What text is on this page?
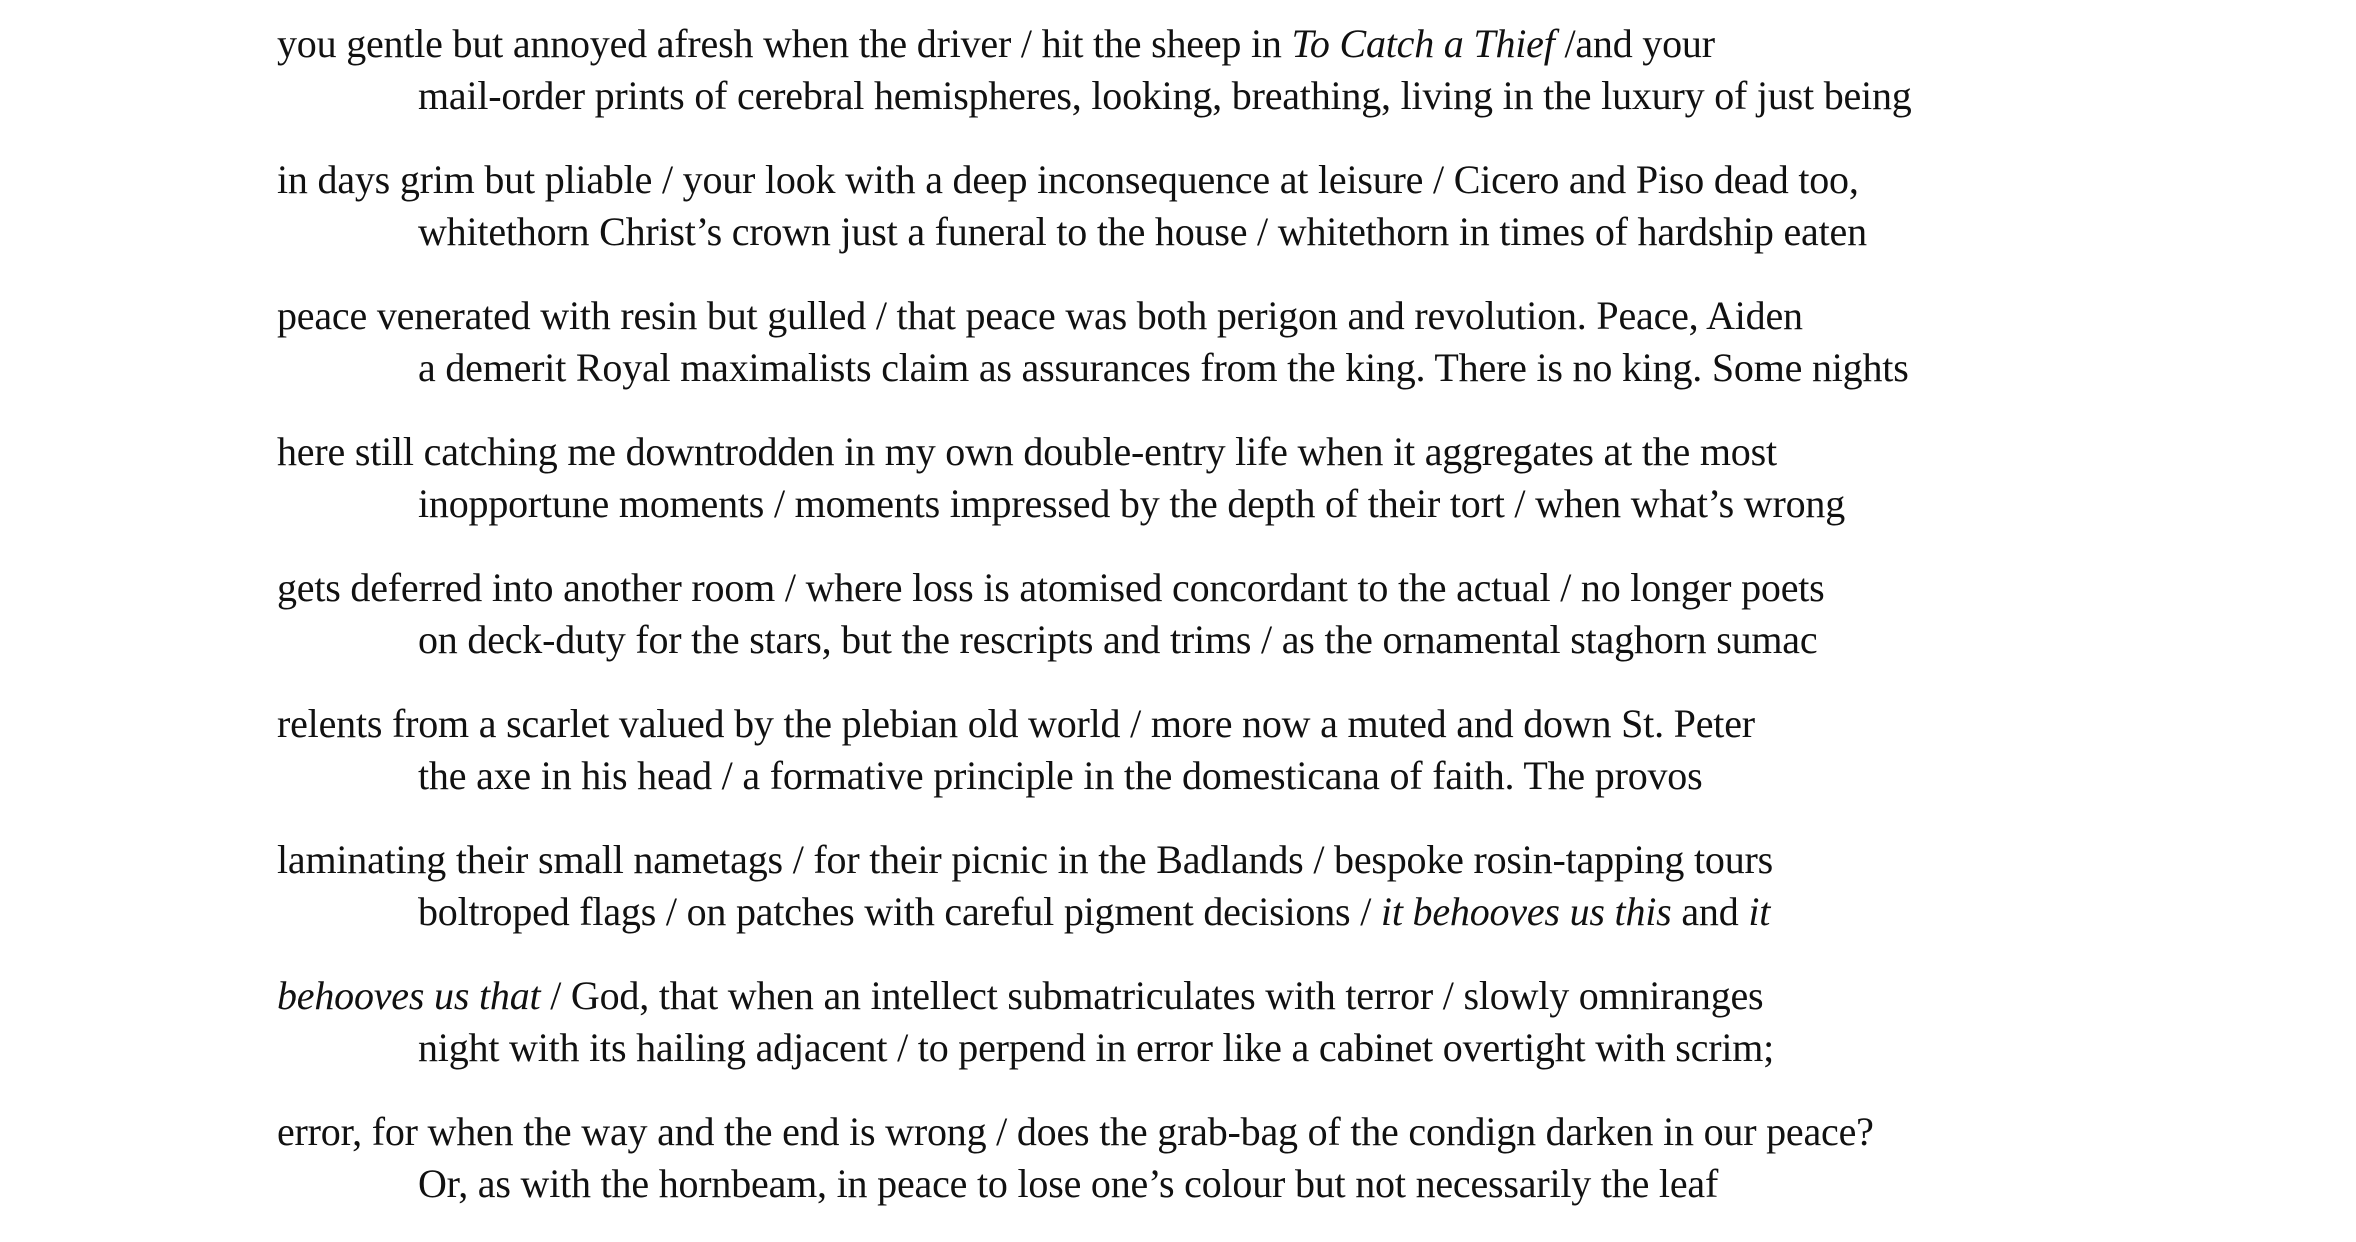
you gentle but annoyed afresh when the driver / hit the sheep in To Catch a Thief /and your
mail-order prints of cerebral hemispheres, looking, breathing, living in the luxury of just being
in days grim but pliable / your look with a deep inconsequence at leisure / Cicero and Piso dead too,
whitethorn Christ’s crown just a funeral to the house / whitethorn in times of hardship eaten
peace venerated with resin but gulled / that peace was both perigon and revolution. Peace, Aiden
a demerit Royal maximalists claim as assurances from the king. There is no king. Some nights
here still catching me downtrodden in my own double-entry life when it aggregates at the most
inopportune moments / moments impressed by the depth of their tort / when what’s wrong
gets deferred into another room / where loss is atomised concordant to the actual / no longer poets
on deck-duty for the stars, but the rescripts and trims / as the ornamental staghorn sumac
relents from a scarlet valued by the plebian old world / more now a muted and down St. Peter
the axe in his head / a formative principle in the domesticana of faith. The provos
laminating their small nametags / for their picnic in the Badlands / bespoke rosin-tapping tours
boltroped flags / on patches with careful pigment decisions / it behooves us this and it
behooves us that / God, that when an intellect submatriculates with terror / slowly omniranges
night with its hailing adjacent / to perpend in error like a cabinet overtight with scrim;
error, for when the way and the end is wrong / does the grab-bag of the condign darken in our peace?
Or, as with the hornbeam, in peace to lose one’s colour but not necessarily the leaf
